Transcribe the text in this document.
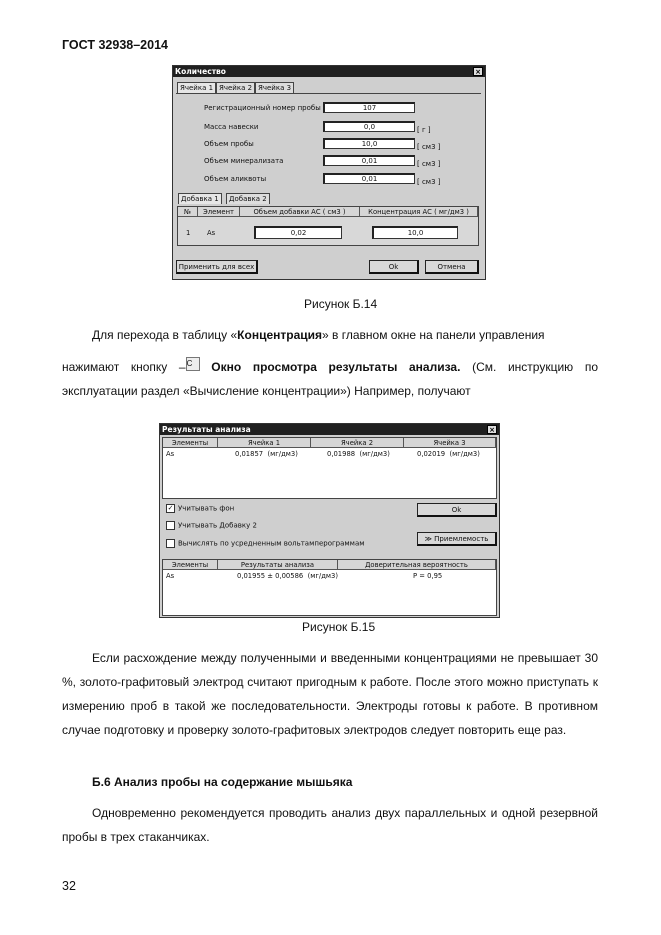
ГОСТ 32938–2014
Количество	×
Ячейка 1 Ячейка 2 Ячейка 3
Регистрационный номер пробы	107
Масса навески	0,0	[ г ]
Объем пробы	10,0	[ см3 ]
Объем минерализата	0,01	[ см3 ]
Объем аликвоты	0,01	[ см3 ]
Добавка 1	Добавка 2
№	Элемент	Объем добавки АС ( см3 )	Концентрация АС ( мг/дм3 )
1 As	0,02	10,0
Применить для всех	Ok	Отмена
Рисунок Б.14

Для перехода в таблицу «Концентрация» в главном окне на панели управления

нажимают кнопку –C Окно просмотра результаты анализа. (См. инструкцию по

эксплуатации раздел «Вычисление концентрации») Например, получают

Результаты анализа	×
Элементы	Ячейка 1	Ячейка 2	Ячейка 3
As	0,01857 (мг/дм3)	0,01988 (мг/дм3)	0,02019 (мг/дм3)
✓ Учитывать фон
Учитывать Добавку 2
Вычислять по усредненным вольтамперограммам
Ok
≫ Приемлемость
Элементы	Результаты анализа	Доверительная вероятность
As	0,01955 ± 0,00586 (мг/дм3)	P = 0,95
Рисунок Б.15

Если расхождение между полученными и введенными концентрациями не превышает 30 %, золото-графитовый электрод считают пригодным к работе. После этого можно приступать к измерению проб в такой же последовательности. Электроды готовы к работе. В противном случае подготовку и проверку золото-графитовых электродов следует повторить еще раз.

Б.6 Анализ пробы на содержание мышьяка

Одновременно рекомендуется проводить анализ двух параллельных и одной резервной пробы в трех стаканчиках.

32
